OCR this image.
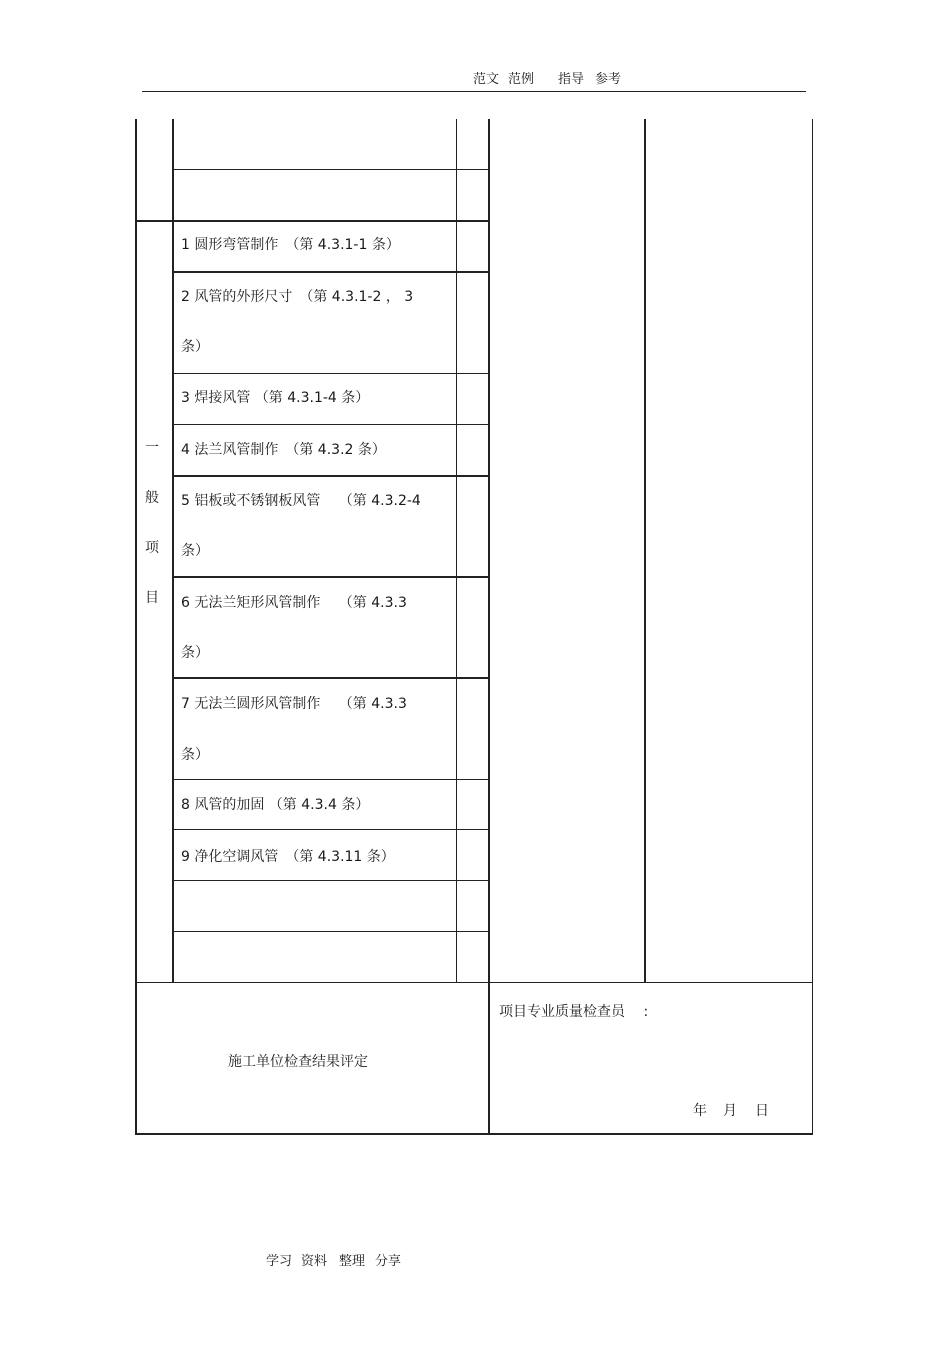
范文 范例 指导 参考
一
般
项
目
1 圆形弯管制作　（第 4.3.1-1 条）
2 风管的外形尺寸　（第 4.3.1-2 ， 3
条）
3 焊接风管 （第 4.3.1-4 条）
4 法兰风管制作　（第 4.3.2 条）
5 铝板或不锈钢板风管　 （第 4.3.2-4
条）
6 无法兰矩形风管制作　 （第 4.3.3
条）
7 无法兰圆形风管制作　 （第 4.3.3
条）
8 风管的加固 （第 4.3.4 条）
9 净化空调风管　（第 4.3.11 条）
施工单位检查结果评定
项目专业质量检查员　 :
年 月 日
学习 资料 整理 分享
